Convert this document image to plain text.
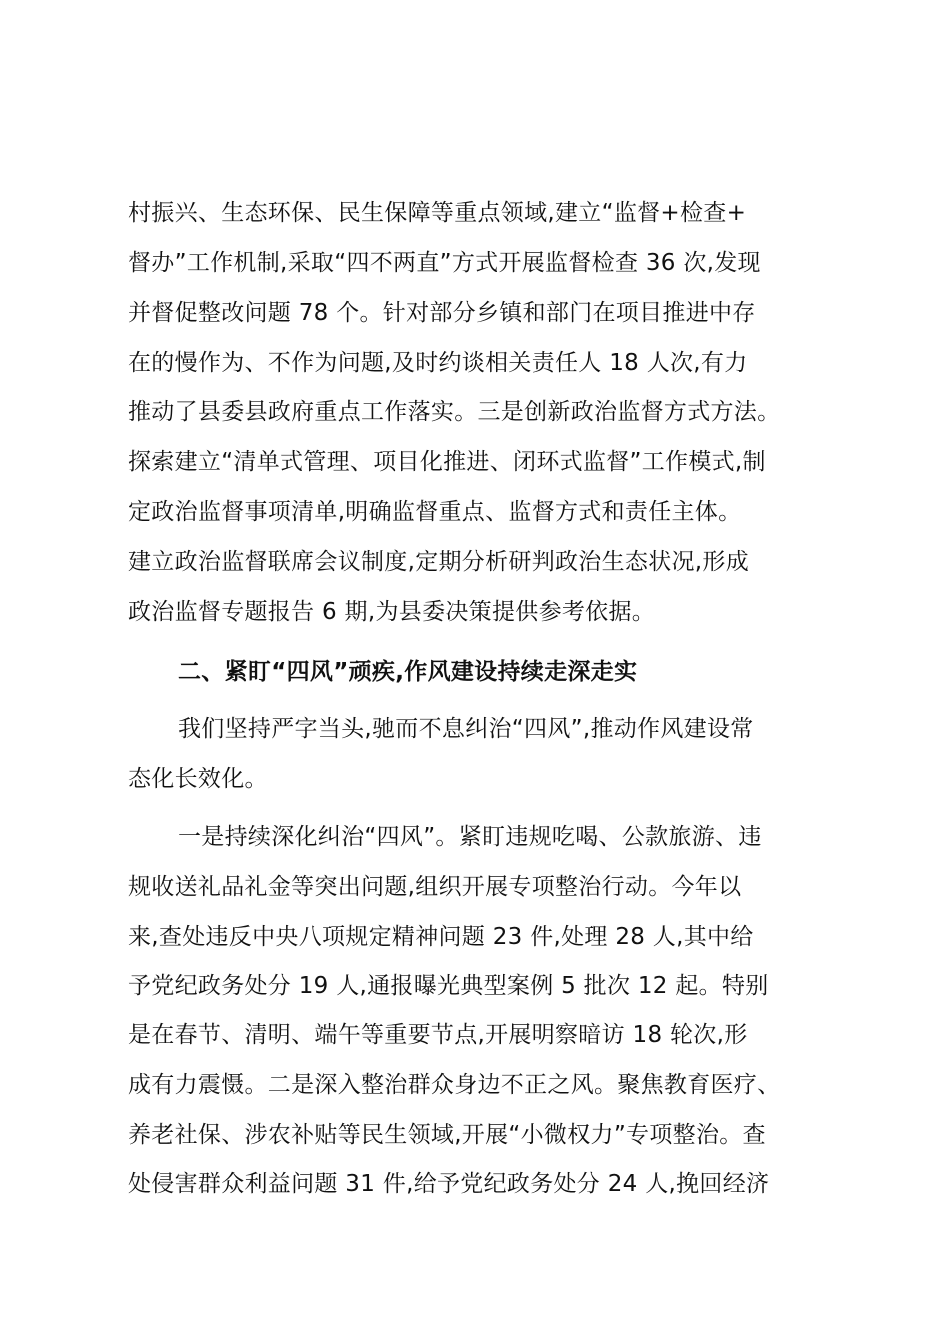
村振兴、生态环保、民生保障等重点领域,建立“监督+检查+
督办”工作机制,采取“四不两直”方式开展监督检查 36 次,发现
并督促整改问题 78 个。针对部分乡镇和部门在项目推进中存
在的慢作为、不作为问题,及时约谈相关责任人 18 人次,有力
推动了县委县政府重点工作落实。三是创新政治监督方式方法。
探索建立“清单式管理、项目化推进、闭环式监督”工作模式,制
定政治监督事项清单,明确监督重点、监督方式和责任主体。
建立政治监督联席会议制度,定期分析研判政治生态状况,形成
政治监督专题报告 6 期,为县委决策提供参考依据。
二、紧盯“四风”顽疾,作风建设持续走深走实
我们坚持严字当头,驰而不息纠治“四风”,推动作风建设常
态化长效化。
一是持续深化纠治“四风”。紧盯违规吃喝、公款旅游、违
规收送礼品礼金等突出问题,组织开展专项整治行动。今年以
来,查处违反中央八项规定精神问题 23 件,处理 28 人,其中给
予党纪政务处分 19 人,通报曝光典型案例 5 批次 12 起。特别
是在春节、清明、端午等重要节点,开展明察暗访 18 轮次,形
成有力震慑。二是深入整治群众身边不正之风。聚焦教育医疗、
养老社保、涉农补贴等民生领域,开展“小微权力”专项整治。查
处侵害群众利益问题 31 件,给予党纪政务处分 24 人,挽回经济
